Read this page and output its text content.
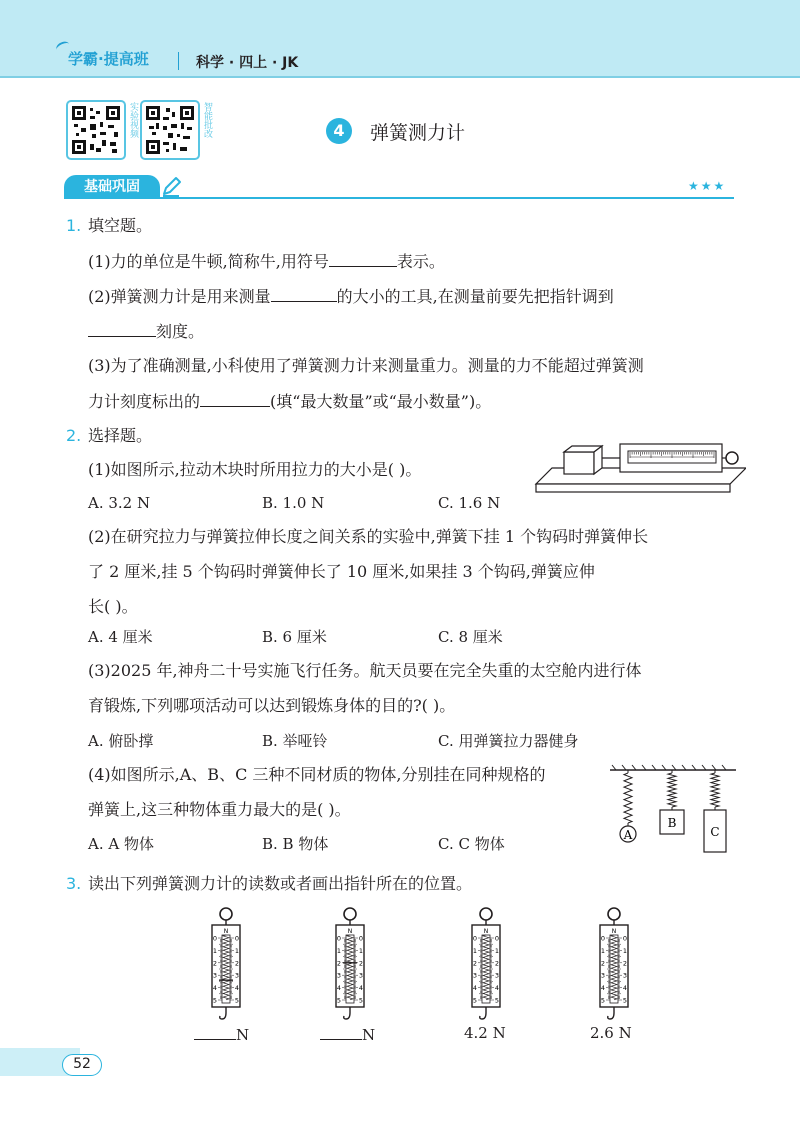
学霸·提高班	科学 · 四上 · JK
实验视频	智能批改	4	弹簧测力计
基础巩固	★★★
1. 填空题。
(1)力的单位是牛顿,简称牛,用符号	表示。
(2)弹簧测力计是用来测量	的大小的工具,在测量前要先把指针调到
刻度。
(3)为了准确测量,小科使用了弹簧测力计来测量重力。测量的力不能超过弹簧测
力计刻度标出的	(填“最大数量”或“最小数量”)。
2. 选择题。
(1)如图所示,拉动木块时所用拉力的大小是( )。
A. 3.2 N	B. 1.0 N	C. 1.6 N
(2)在研究拉力与弹簧拉伸长度之间关系的实验中,弹簧下挂 1 个钩码时弹簧伸长
了 2 厘米,挂 5 个钩码时弹簧伸长了 10 厘米,如果挂 3 个钩码,弹簧应伸
长( )。
A. 4 厘米	B. 6 厘米	C. 8 厘米
(3)2025 年,神舟二十号实施飞行任务。航天员要在完全失重的太空舱内进行体
育锻炼,下列哪项活动可以达到锻炼身体的目的?( )。
A. 俯卧撑	B. 举哑铃	C. 用弹簧拉力器健身
(4)如图所示,A、B、C 三种不同材质的物体,分别挂在同种规格的
弹簧上,这三种物体重力最大的是( )。
A. A 物体	B. B 物体	C. C 物体	A
B
C
3. 读出下列弹簧测力计的读数或者画出指针所在的位置。
N
0	0
1	1
2	2
3	3
4	4
5	5
N
0	0
1	1
2	2
3	3
4	4
5	5
N
0	0
1	1
2	2
3	3
4	4
5	5
N
0	0
1	1
2	2
3	3
4	4
5	5
N	N	4.2 N	2.6 N
52
